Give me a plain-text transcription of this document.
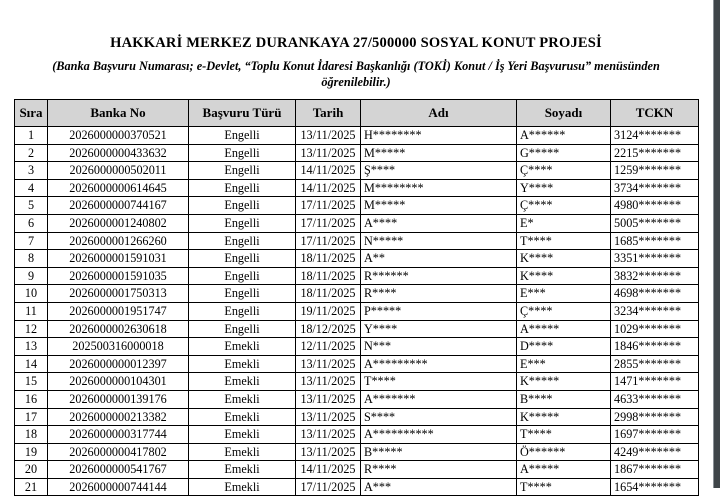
HAKKARİ MERKEZ DURANKAYA 27/500000 SOSYAL KONUT PROJESİ
(Banka Başvuru Numarası; e-Devlet, “Toplu Konut İdaresi Başkanlığı (TOKİ) Konut / İş Yeri Başvurusu” menüsünden
öğrenilebilir.)
Sıra	Banka No	Başvuru Türü	Tarih	Adı	Soyadı	TCKN
1	2026000000370521	Engelli	13/11/2025	H********	A******	3124*******
2	2026000000433632	Engelli	13/11/2025	M*****	G*****	2215*******
3	2026000000502011	Engelli	14/11/2025	Ş****	Ç****	1259*******
4	2026000000614645	Engelli	14/11/2025	M********	Y****	3734*******
5	2026000000744167	Engelli	17/11/2025	M*****	Ç****	4980*******
6	2026000001240802	Engelli	17/11/2025	A****	E*	5005*******
7	2026000001266260	Engelli	17/11/2025	N*****	T****	1685*******
8	2026000001591031	Engelli	18/11/2025	A**	K****	3351*******
9	2026000001591035	Engelli	18/11/2025	R******	K****	3832*******
10	2026000001750313	Engelli	18/11/2025	R****	E***	4698*******
11	2026000001951747	Engelli	19/11/2025	P*****	Ç****	3234*******
12	2026000002630618	Engelli	18/12/2025	Y****	A*****	1029*******
13	202500316000018	Emekli	12/11/2025	N***	D****	1846*******
14	2026000000012397	Emekli	13/11/2025	A*********	E***	2855*******
15	2026000000104301	Emekli	13/11/2025	T****	K*****	1471*******
16	2026000000139176	Emekli	13/11/2025	A*******	B****	4633*******
17	2026000000213382	Emekli	13/11/2025	S****	K*****	2998*******
18	2026000000317744	Emekli	13/11/2025	A**********	T****	1697*******
19	2026000000417802	Emekli	13/11/2025	B*****	Ö******	4249*******
20	2026000000541767	Emekli	14/11/2025	R****	A*****	1867*******
21	2026000000744144	Emekli	17/11/2025	A***	T****	1654*******
